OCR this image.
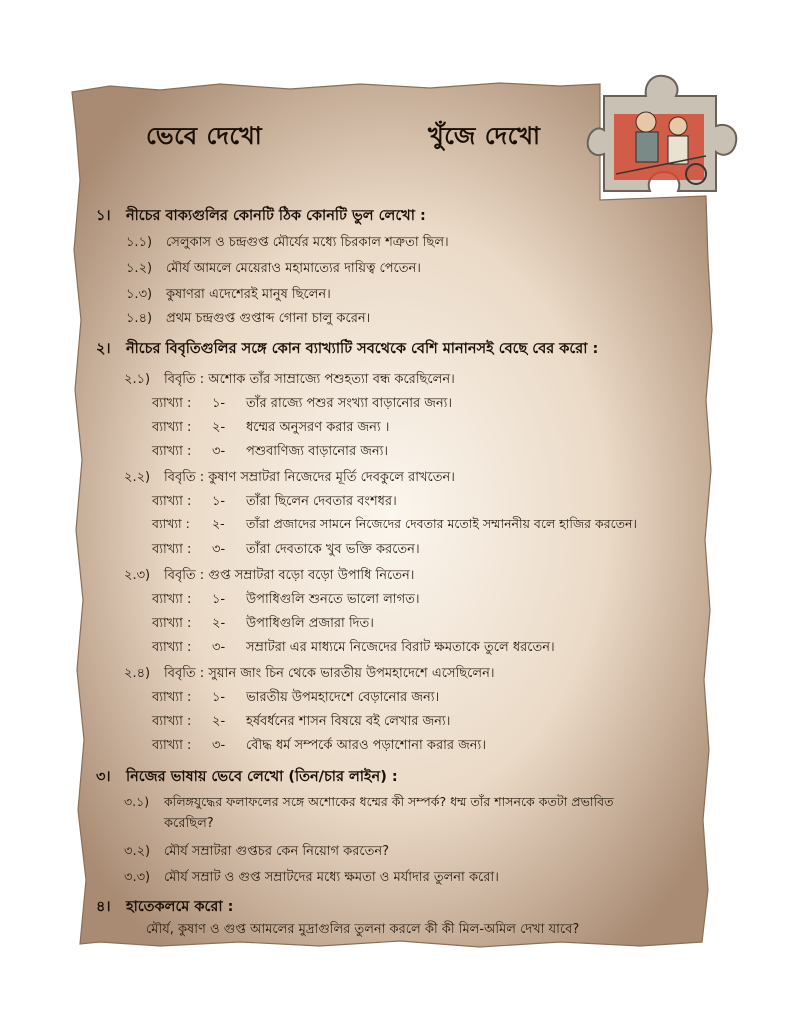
ভেবে দেখো	খুঁজে দেখো
১। নীচের বাক্যগুলির কোনটি ঠিক কোনটি ভুল লেখো :
১.১) সেলুকাস ও চন্দ্রগুপ্ত মৌর্যের মধ্যে চিরকাল শত্রুতা ছিল।
১.২) মৌর্য আমলে মেয়েরাও মহামাত্যের দায়িত্ব পেতেন।
১.৩) কুষাণরা এদেশেরই মানুষ ছিলেন।
১.৪) প্রথম চন্দ্রগুপ্ত গুপ্তাব্দ গোনা চালু করেন।
২। নীচের বিবৃতিগুলির সঙ্গে কোন ব্যাখ্যাটি সবথেকে বেশি মানানসই বেছে বের করো :
২.১) বিবৃতি : অশোক তাঁর সাম্রাজ্যে পশুহত্যা বন্ধ করেছিলেন।
ব্যাখ্যা : ১- তাঁর রাজ্যে পশুর সংখ্যা বাড়ানোর জন্য।
ব্যাখ্যা : ২- ধম্মের অনুসরণ করার জন্য ।
ব্যাখ্যা : ৩- পশুবাণিজ্য বাড়ানোর জন্য।
২.২) বিবৃতি : কুষাণ সম্রাটরা নিজেদের মূর্তি দেবকুলে রাখতেন।
ব্যাখ্যা : ১- তাঁরা ছিলেন দেবতার বংশধর।
ব্যাখ্যা : ২- তাঁরা প্রজাদের সামনে নিজেদের দেবতার মতোই সম্মাননীয় বলে হাজির করতেন।
ব্যাখ্যা : ৩- তাঁরা দেবতাকে খুব ভক্তি করতেন।
২.৩) বিবৃতি : গুপ্ত সম্রাটরা বড়ো বড়ো উপাধি নিতেন।
ব্যাখ্যা : ১- উপাধিগুলি শুনতে ভালো লাগত।
ব্যাখ্যা : ২- উপাধিগুলি প্রজারা দিত।
ব্যাখ্যা : ৩- সম্রাটরা এর মাধ্যমে নিজেদের বিরাট ক্ষমতাকে তুলে ধরতেন।
২.৪) বিবৃতি : সুয়ান জাং চিন থেকে ভারতীয় উপমহাদেশে এসেছিলেন।
ব্যাখ্যা : ১- ভারতীয় উপমহাদেশে বেড়ানোর জন্য।
ব্যাখ্যা : ২- হর্ষবর্ধনের শাসন বিষয়ে বই লেখার জন্য।
ব্যাখ্যা : ৩- বৌদ্ধ ধর্ম সম্পর্কে আরও পড়াশোনা করার জন্য।
৩। নিজের ভাষায় ভেবে লেখো (তিন/চার লাইন) :
৩.১) কলিঙ্গযুদ্ধের ফলাফলের সঙ্গে অশোকের ধম্মের কী সম্পর্ক? ধম্ম তাঁর শাসনকে কতটা প্রভাবিত
করেছিল?
৩.২) মৌর্য সম্রাটরা গুপ্তচর কেন নিয়োগ করতেন?
৩.৩) মৌর্য সম্রাট ও গুপ্ত সম্রাটদের মধ্যে ক্ষমতা ও মর্যাদার তুলনা করো।
৪। হাতেকলমে করো :
মৌর্য, কুষাণ ও গুপ্ত আমলের মুদ্রাগুলির তুলনা করলে কী কী মিল-অমিল দেখা যাবে?
